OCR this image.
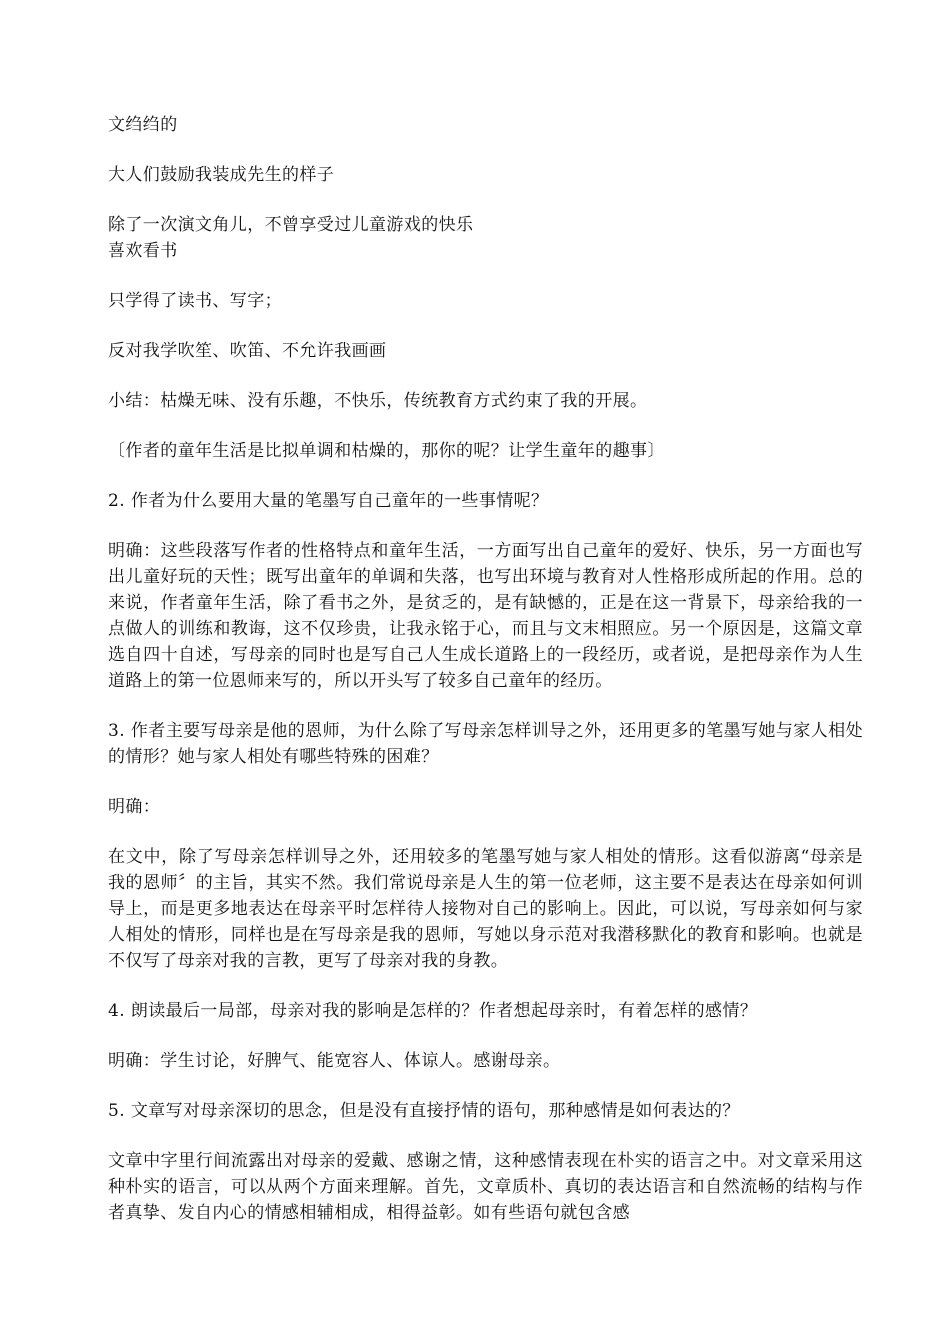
文绉绉的

大人们鼓励我装成先生的样子

除了一次演文角儿，不曾享受过儿童游戏的快乐

喜欢看书

只学得了读书、写字；

反对我学吹笙、吹笛、不允许我画画

小结：枯燥无味、没有乐趣，不快乐，传统教育方式约束了我的开展。

〔作者的童年生活是比拟单调和枯燥的，那你的呢？让学生童年的趣事〕

2. 作者为什么要用大量的笔墨写自己童年的一些事情呢？

明确：这些段落写作者的性格特点和童年生活，一方面写出自己童年的爱好、快乐，另一方面也写出儿童好玩的天性；既写出童年的单调和失落，也写出环境与教育对人性格形成所起的作用。总的来说，作者童年生活，除了看书之外，是贫乏的，是有缺憾的，正是在这一背景下，母亲给我的一点做人的训练和教诲，这不仅珍贵，让我永铭于心，而且与文末相照应。另一个原因是，这篇文章选自四十自述，写母亲的同时也是写自己人生成长道路上的一段经历，或者说，是把母亲作为人生道路上的第一位恩师来写的，所以开头写了较多自己童年的经历。

3. 作者主要写母亲是他的恩师，为什么除了写母亲怎样训导之外，还用更多的笔墨写她与家人相处的情形？她与家人相处有哪些特殊的困难？

明确：

在文中，除了写母亲怎样训导之外，还用较多的笔墨写她与家人相处的情形。这看似游离“母亲是我的恩师〞的主旨，其实不然。我们常说母亲是人生的第一位老师，这主要不是表达在母亲如何训导上，而是更多地表达在母亲平时怎样待人接物对自己的影响上。因此，可以说，写母亲如何与家人相处的情形，同样也是在写母亲是我的恩师，写她以身示范对我潜移默化的教育和影响。也就是不仅写了母亲对我的言教，更写了母亲对我的身教。

4. 朗读最后一局部，母亲对我的影响是怎样的？作者想起母亲时，有着怎样的感情？

明确：学生讨论，好脾气、能宽容人、体谅人。感谢母亲。

5. 文章写对母亲深切的思念，但是没有直接抒情的语句，那种感情是如何表达的？

文章中字里行间流露出对母亲的爱戴、感谢之情，这种感情表现在朴实的语言之中。对文章采用这种朴实的语言，可以从两个方面来理解。首先，文章质朴、真切的表达语言和自然流畅的结构与作者真挚、发自内心的情感相辅相成，相得益彰。如有些语句就包含感
